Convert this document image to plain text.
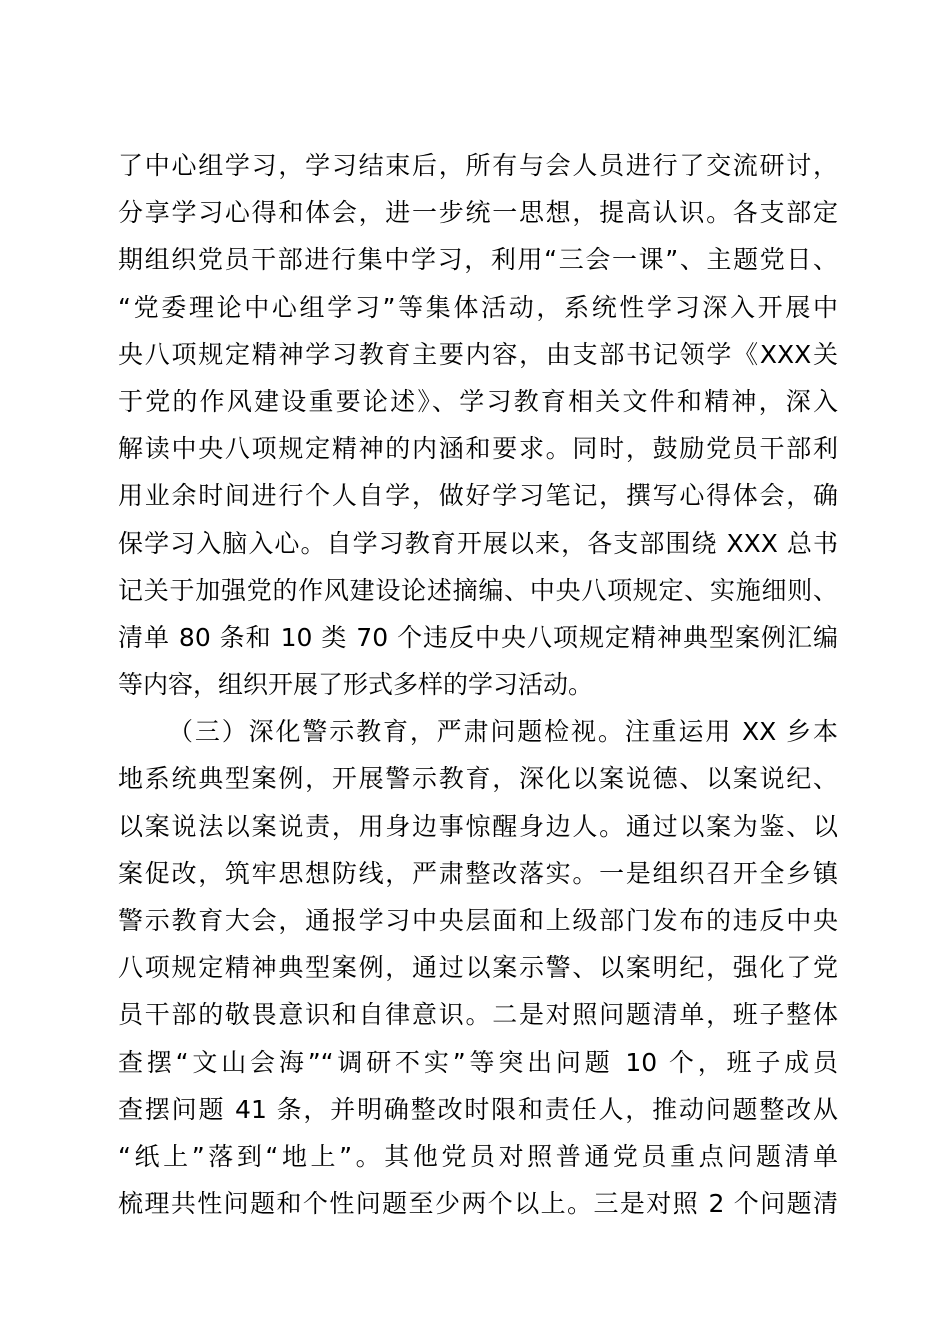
了中心组学习，学习结束后，所有与会人员进行了交流研讨，
分享学习心得和体会，进一步统一思想，提高认识。各支部定
期组织党员干部进行集中学习，利用“三会一课”、主题党日、
“党委理论中心组学习”等集体活动，系统性学习深入开展中
央八项规定精神学习教育主要内容，由支部书记领学《XXX关
于党的作风建设重要论述》、学习教育相关文件和精神，深入
解读中央八项规定精神的内涵和要求。同时，鼓励党员干部利
用业余时间进行个人自学，做好学习笔记，撰写心得体会，确
保学习入脑入心。自学习教育开展以来，各支部围绕 XXX 总书
记关于加强党的作风建设论述摘编、中央八项规定、实施细则、
清单 80 条和 10 类 70 个违反中央八项规定精神典型案例汇编
等内容，组织开展了形式多样的学习活动。
（三）深化警示教育，严肃问题检视。注重运用 XX 乡本
地系统典型案例，开展警示教育，深化以案说德、以案说纪、
以案说法以案说责，用身边事惊醒身边人。通过以案为鉴、以
案促改，筑牢思想防线，严肃整改落实。一是组织召开全乡镇
警示教育大会，通报学习中央层面和上级部门发布的违反中央
八项规定精神典型案例，通过以案示警、以案明纪，强化了党
员干部的敬畏意识和自律意识。二是对照问题清单，班子整体
查摆“文山会海”“调研不实”等突出问题 10 个，班子成员
查摆问题 41 条，并明确整改时限和责任人，推动问题整改从
“纸上”落到“地上”。其他党员对照普通党员重点问题清单
梳理共性问题和个性问题至少两个以上。三是对照 2 个问题清
